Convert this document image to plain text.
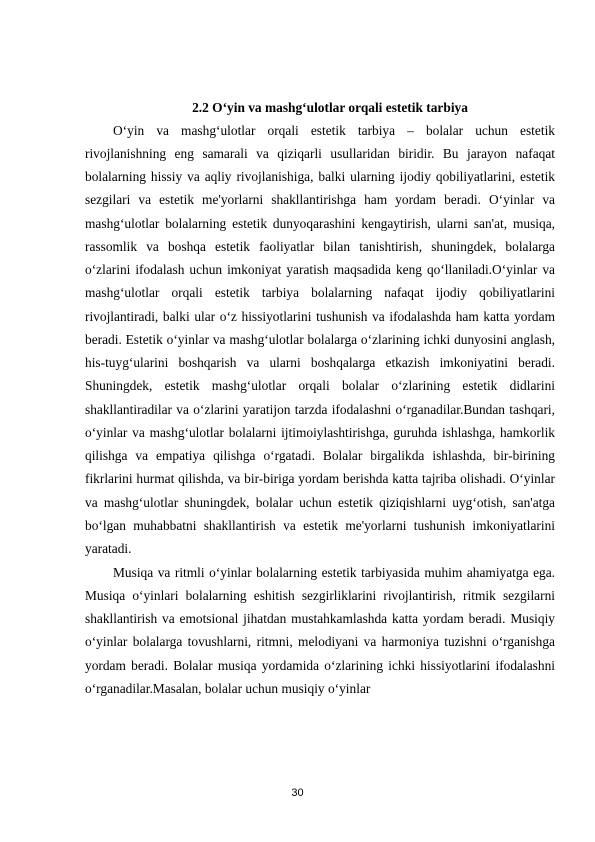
2.2 O‘yin va mashg‘ulotlar orqali estetik tarbiya

O‘yin va mashg‘ulotlar orqali estetik tarbiya – bolalar uchun estetik rivojlanishning eng samarali va qiziqarli usullaridan biridir. Bu jarayon nafaqat bolalarning hissiy va aqliy rivojlanishiga, balki ularning ijodiy qobiliyatlarini, estetik sezgilari va estetik me'yorlarni shakllantirishga ham yordam beradi. O‘yinlar va mashg‘ulotlar bolalarning estetik dunyoqarashini kengaytirish, ularni san'at, musiqa, rassomlik va boshqa estetik faoliyatlar bilan tanishtirish, shuningdek, bolalarga o‘zlarini ifodalash uchun imkoniyat yaratish maqsadida keng qo‘llaniladi.O‘yinlar va mashg‘ulotlar orqali estetik tarbiya bolalarning nafaqat ijodiy qobiliyatlarini rivojlantiradi, balki ular o‘z hissiyotlarini tushunish va ifodalashda ham katta yordam beradi. Estetik o‘yinlar va mashg‘ulotlar bolalarga o‘zlarining ichki dunyosini anglash, his-tuyg‘ularini boshqarish va ularni boshqalarga etkazish imkoniyatini beradi. Shuningdek, estetik mashg‘ulotlar orqali bolalar o‘zlarining estetik didlarini shakllantiradilar va o‘zlarini yaratijon tarzda ifodalashni o‘rganadilar.Bundan tashqari, o‘yinlar va mashg‘ulotlar bolalarni ijtimoiylashtirishga, guruhda ishlashga, hamkorlik qilishga va empatiya qilishga o‘rgatadi. Bolalar birgalikda ishlashda, bir-birining fikrlarini hurmat qilishda, va bir-biriga yordam berishda katta tajriba olishadi. O‘yinlar va mashg‘ulotlar shuningdek, bolalar uchun estetik qiziqishlarni uyg‘otish, san'atga bo‘lgan muhabbatni shakllantirish va estetik me'yorlarni tushunish imkoniyatlarini yaratadi.

Musiqa va ritmli o‘yinlar bolalarning estetik tarbiyasida muhim ahamiyatga ega. Musiqa o‘yinlari bolalarning eshitish sezgirliklarini rivojlantirish, ritmik sezgilarni shakllantirish va emotsional jihatdan mustahkamlashda katta yordam beradi. Musiqiy o‘yinlar bolalarga tovushlarni, ritmni, melodiyani va harmoniya tuzishni o‘rganishga yordam beradi. Bolalar musiqa yordamida o‘zlarining ichki hissiyotlarini ifodalashni o‘rganadilar.Masalan, bolalar uchun musiqiy o‘yinlar

30
